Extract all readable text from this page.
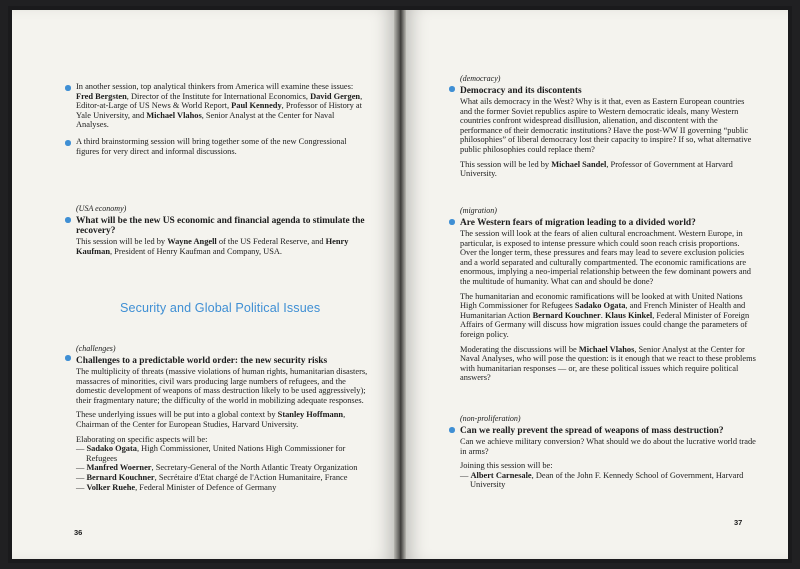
In another session, top analytical thinkers from America will examine these issues: Fred Bergsten, Director of the Institute for International Economics, David Gergen, Editor-at-Large of US News & World Report, Paul Kennedy, Professor of History at Yale University, and Michael Vlahos, Senior Analyst at the Center for Naval Analyses.
A third brainstorming session will bring together some of the new Congressional figures for very direct and informal discussions.
(USA economy)
What will be the new US economic and financial agenda to stimulate the recovery?
This session will be led by Wayne Angell of the US Federal Reserve, and Henry Kaufman, President of Henry Kaufman and Company, USA.
Security and Global Political Issues
(challenges)
Challenges to a predictable world order: the new security risks
The multiplicity of threats (massive violations of human rights, humanitarian disasters, massacres of minorities, civil wars producing large numbers of refugees, and the domestic development of weapons of mass destruction likely to be used aggressively); their fragmentary nature; the difficulty of the world in mobilizing adequate responses.
These underlying issues will be put into a global context by Stanley Hoffmann, Chairman of the Center for European Studies, Harvard University.
Elaborating on specific aspects will be:
— Sadako Ogata, High Commissioner, United Nations High Commissioner for Refugees
— Manfred Woerner, Secretary-General of the North Atlantic Treaty Organization
— Bernard Kouchner, Secrétaire d'Etat chargé de l'Action Humanitaire, France
— Volker Ruehe, Federal Minister of Defence of Germany
36
(democracy)
Democracy and its discontents
What ails democracy in the West? Why is it that, even as Eastern European countries and the former Soviet republics aspire to Western democratic ideals, many Western countries confront widespread disillusion, alienation, and discontent with the performance of their democratic institutions? Have the post-WW II governing “public philosophies” of liberal democracy lost their capacity to inspire? If so, what alternative public philosophies could replace them?
This session will be led by Michael Sandel, Professor of Government at Harvard University.
(migration)
Are Western fears of migration leading to a divided world?
The session will look at the fears of alien cultural encroachment. Western Europe, in particular, is exposed to intense pressure which could soon reach crisis proportions. Over the longer term, these pressures and fears may lead to severe exclusion policies and a world separated and culturally compartmented. The economic ramifications are enormous, implying a neo-imperial relationship between the few dominant powers and the multitude of humanity. What can and should be done?
The humanitarian and economic ramifications will be looked at with United Nations High Commissioner for Refugees Sadako Ogata, and French Minister of Health and Humanitarian Action Bernard Kouchner. Klaus Kinkel, Federal Minister of Foreign Affairs of Germany will discuss how migration issues could change the parameters of foreign policy.
Moderating the discussions will be Michael Vlahos, Senior Analyst at the Center for Naval Analyses, who will pose the question: is it enough that we react to these problems with humanitarian responses — or, are these political issues which require political answers?
(non-proliferation)
Can we really prevent the spread of weapons of mass destruction?
Can we achieve military conversion? What should we do about the lucrative world trade in arms?
Joining this session will be:
— Albert Carnesale, Dean of the John F. Kennedy School of Government, Harvard University
37
